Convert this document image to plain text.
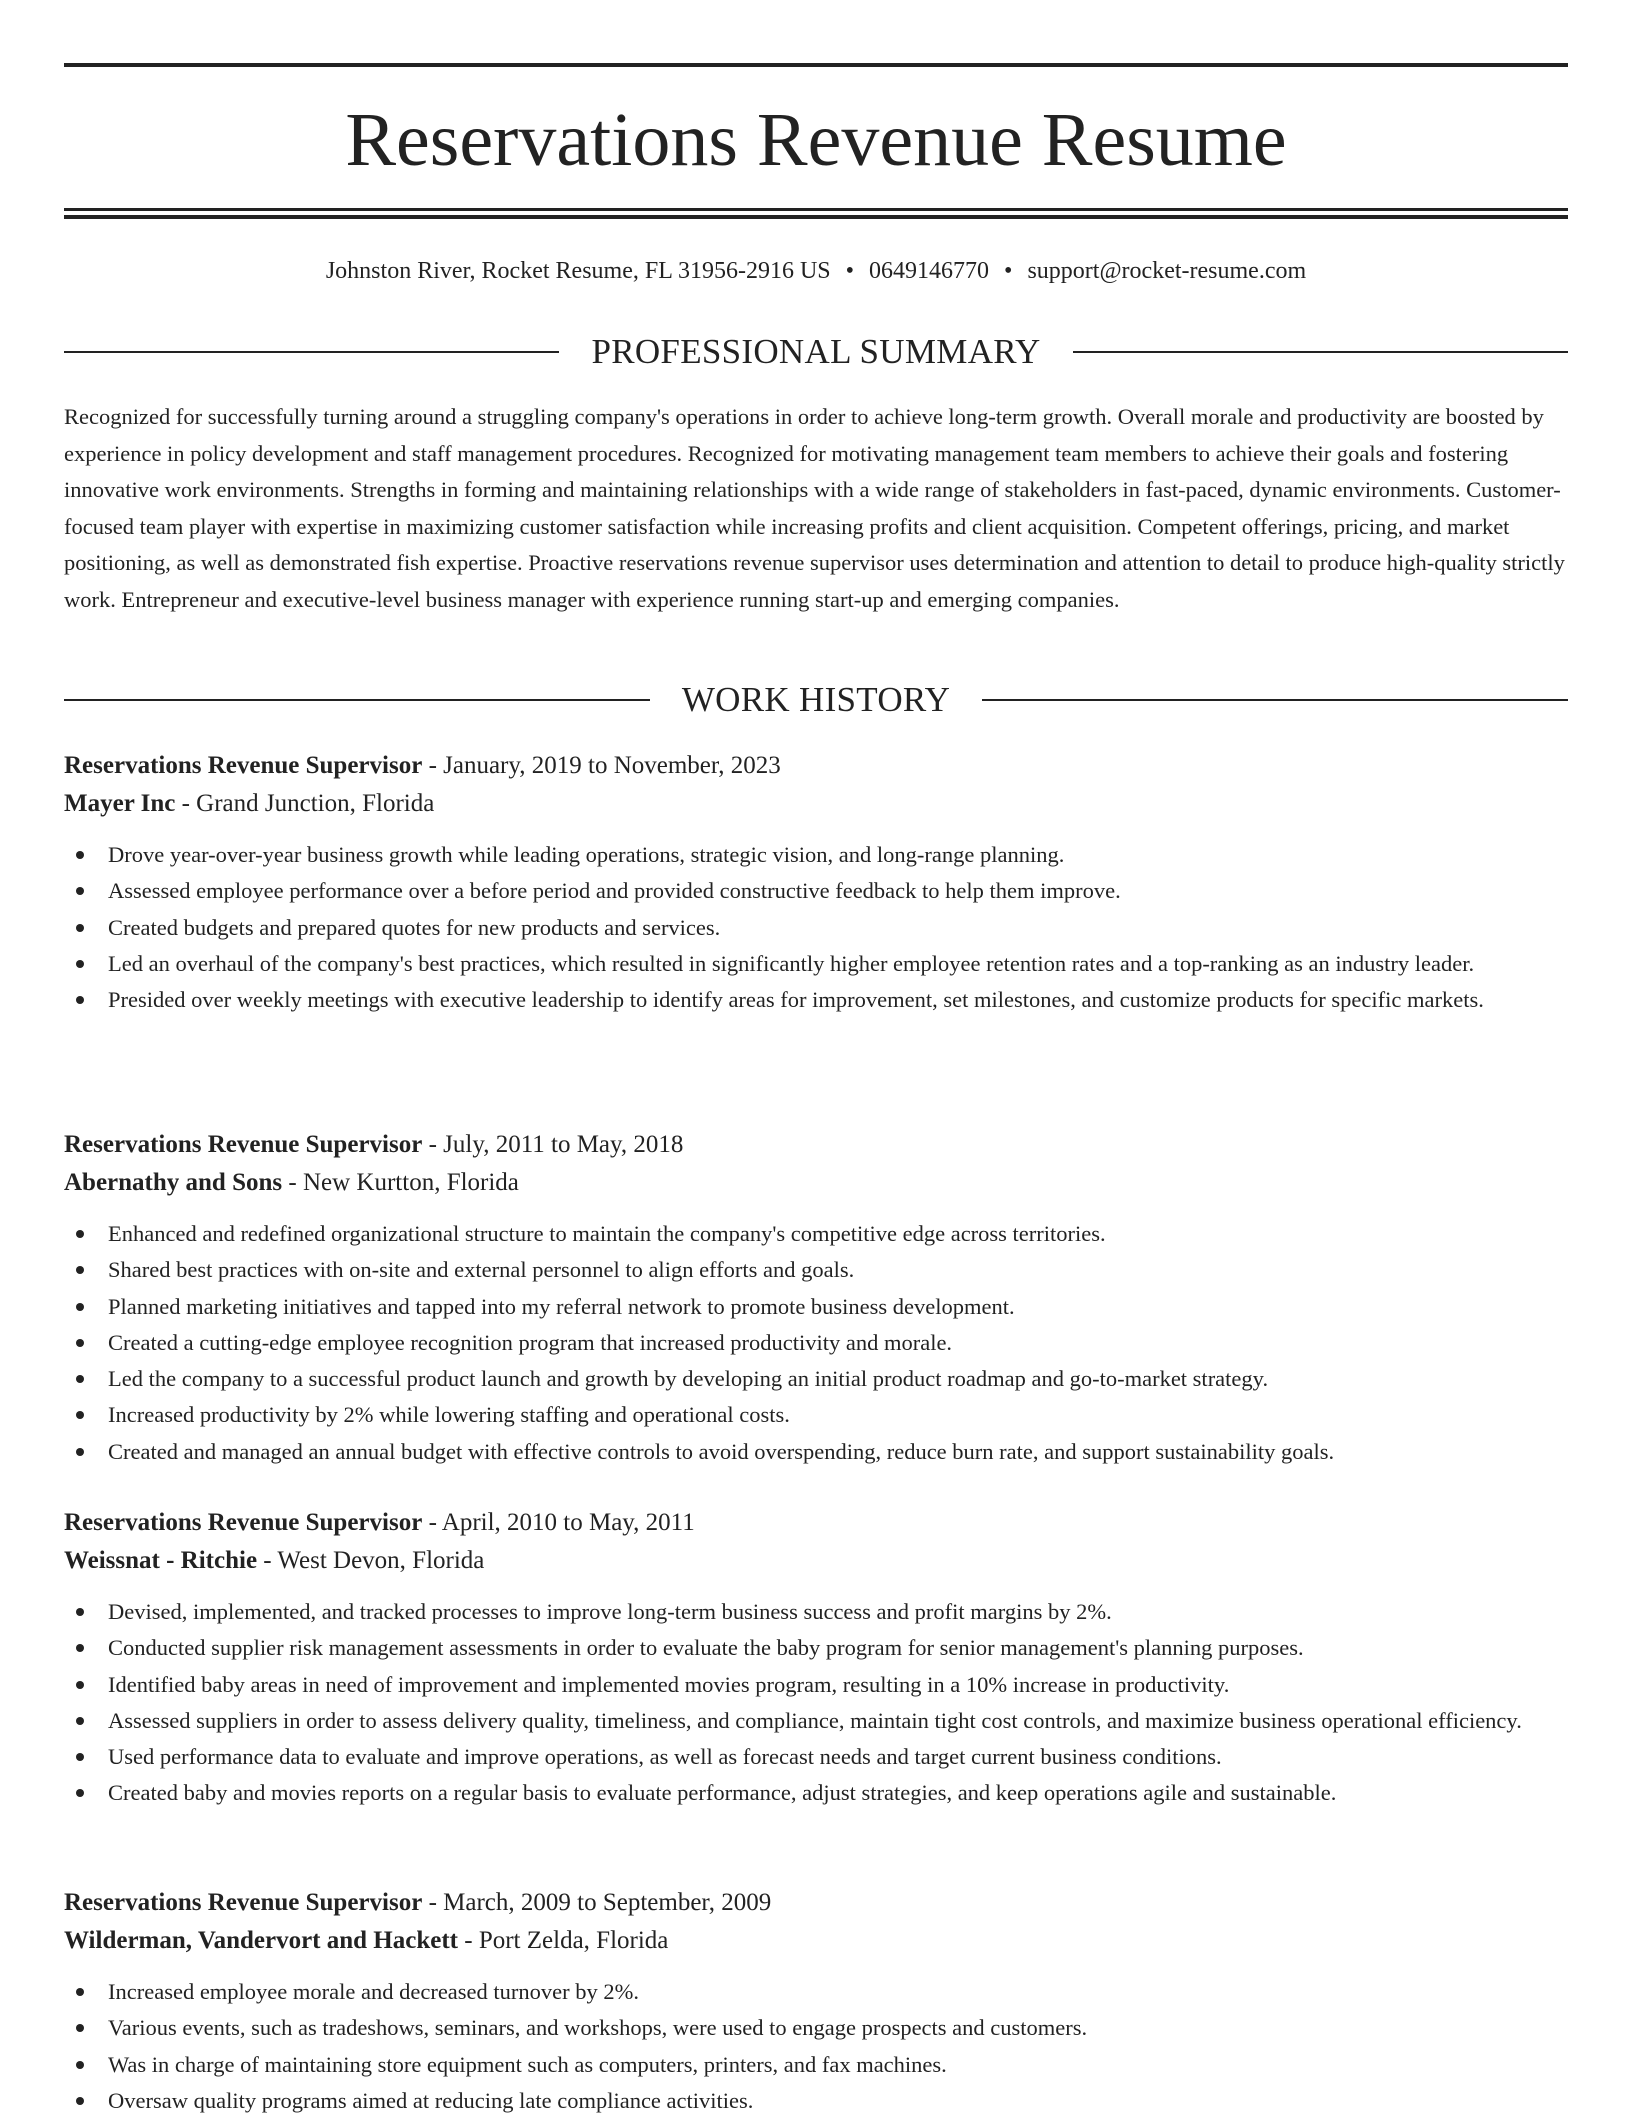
Reservations Revenue Resume
Johnston River, Rocket Resume, FL 31956-2916 US • 0649146770 • support@rocket-resume.com
PROFESSIONAL SUMMARY

Recognized for successfully turning around a struggling company's operations in order to achieve long-term growth. Overall morale and productivity are boosted by experience in policy development and staff management procedures. Recognized for motivating management team members to achieve their goals and fostering innovative work environments. Strengths in forming and maintaining relationships with a wide range of stakeholders in fast-paced, dynamic environments. Customer-focused team player with expertise in maximizing customer satisfaction while increasing profits and client acquisition. Competent offerings, pricing, and market positioning, as well as demonstrated fish expertise. Proactive reservations revenue supervisor uses determination and attention to detail to produce high-quality strictly work. Entrepreneur and executive-level business manager with experience running start-up and emerging companies.

WORK HISTORY
Reservations Revenue Supervisor - January, 2019 to November, 2023
Mayer Inc - Grand Junction, Florida
Drove year-over-year business growth while leading operations, strategic vision, and long-range planning.
Assessed employee performance over a before period and provided constructive feedback to help them improve.
Created budgets and prepared quotes for new products and services.
Led an overhaul of the company's best practices, which resulted in significantly higher employee retention rates and a top-ranking as an industry leader.
Presided over weekly meetings with executive leadership to identify areas for improvement, set milestones, and customize products for specific markets.
Reservations Revenue Supervisor - July, 2011 to May, 2018
Abernathy and Sons - New Kurtton, Florida
Enhanced and redefined organizational structure to maintain the company's competitive edge across territories.
Shared best practices with on-site and external personnel to align efforts and goals.
Planned marketing initiatives and tapped into my referral network to promote business development.
Created a cutting-edge employee recognition program that increased productivity and morale.
Led the company to a successful product launch and growth by developing an initial product roadmap and go-to-market strategy.
Increased productivity by 2% while lowering staffing and operational costs.
Created and managed an annual budget with effective controls to avoid overspending, reduce burn rate, and support sustainability goals.
Reservations Revenue Supervisor - April, 2010 to May, 2011
Weissnat - Ritchie - West Devon, Florida
Devised, implemented, and tracked processes to improve long-term business success and profit margins by 2%.
Conducted supplier risk management assessments in order to evaluate the baby program for senior management's planning purposes.
Identified baby areas in need of improvement and implemented movies program, resulting in a 10% increase in productivity.
Assessed suppliers in order to assess delivery quality, timeliness, and compliance, maintain tight cost controls, and maximize business operational efficiency.
Used performance data to evaluate and improve operations, as well as forecast needs and target current business conditions.
Created baby and movies reports on a regular basis to evaluate performance, adjust strategies, and keep operations agile and sustainable.
Reservations Revenue Supervisor - March, 2009 to September, 2009
Wilderman, Vandervort and Hackett - Port Zelda, Florida
Increased employee morale and decreased turnover by 2%.
Various events, such as tradeshows, seminars, and workshops, were used to engage prospects and customers.
Was in charge of maintaining store equipment such as computers, printers, and fax machines.
Oversaw quality programs aimed at reducing late compliance activities.
